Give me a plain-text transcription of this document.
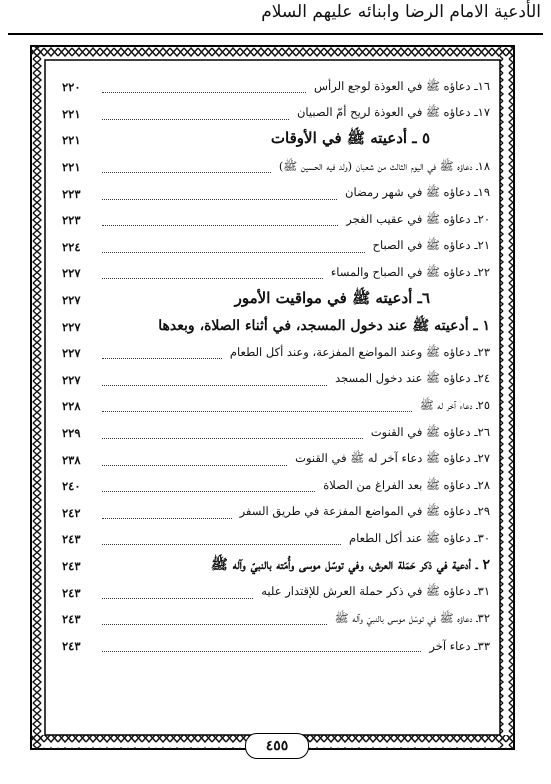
الأدعية الامام الرضا وابنائه عليهم السلام
١٦ـ دعاؤه ﷺ في العوذة لوجع الرأس
٢٢٠
١٧ـ دعاؤه ﷺ في العوذة لريح أمّ الصبيان
٢٢١
٥ ـ أدعيته ﷺ في الأوقات
٢٢١
١٨ـ دعاؤه ﷺ في اليوم الثالث من شعبان (ولد فيه الحسين ﷺ)
٢٢١
١٩ـ دعاؤه ﷺ في شهر رمضان
٢٢٣
٢٠ـ دعاؤه ﷺ في عقيب الفجر
٢٢٣
٢١ـ دعاؤه ﷺ في الصباح
٢٢٤
٢٢ـ دعاؤه ﷺ في الصباح والمساء
٢٢٧
٦ـ أدعيته ﷺ في مواقيت الأمور
٢٢٧
١ ـ أدعيته ﷺ عند دخول المسجد، في أثناء الصلاة، وبعدها
٢٢٧
٢٣ـ دعاؤه ﷺ وعند المواضع المفزعة، وعند أكل الطعام
٢٢٧
٢٤ـ دعاؤه ﷺ عند دخول المسجد
٢٢٧
٢٥ـ دعاء آخر له ﷺ
٢٢٨
٢٦ـ دعاؤه ﷺ في القنوت
٢٢٩
٢٧ـ دعاؤه ﷺ دعاء آخر له ﷺ في القنوت
٢٣٨
٢٨ـ دعاؤه ﷺ بعد الفراغ من الصلاة
٢٤٠
٢٩ـ دعاؤه ﷺ في المواضع المفزعة في طريق السفر
٢٤٢
٣٠ـ دعاؤه ﷺ عند أكل الطعام
٢٤٣
٢ ـ أدعية في ذكر حَمَلة العرش، وفي توسّل موسى وأُمّته بالنبيّ وآله ﷺ
٢٤٣
٣١ـ دعاؤه ﷺ في ذكر حملة العرش للإقتدار عليه
٢٤٣
٣٢ـ دعاؤه ﷺ في توسّل موسى بالنبيّ وآله ﷺ
٢٤٣
٣٣ـ دعاء آخر
٢٤٣
٤٥٥
